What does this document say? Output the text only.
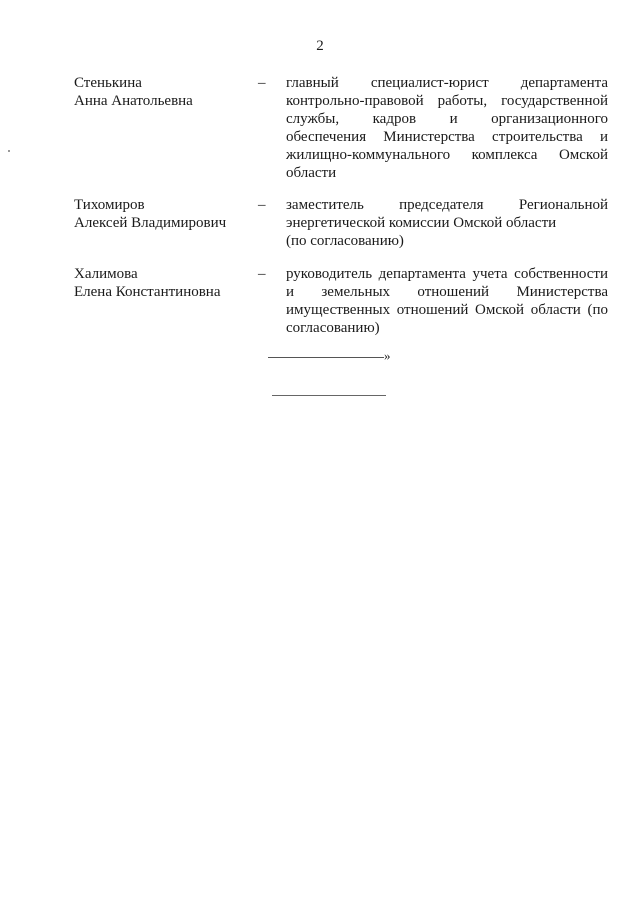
2
Стенькина
Анна Анатольевна
– главный специалист-юрист департамента
контрольно-правовой работы, государственной
службы, кадров и организационного
обеспечения Министерства строительства и
жилищно-коммунального комплекса Омской
области
Тихомиров
Алексей Владимирович
– заместитель председателя Региональной
энергетической комиссии Омской области
(по согласованию)
Халимова
Елена Константиновна
– руководитель департамента учета собственности
и земельных отношений Министерства
имущественных отношений Омской области (по
согласованию)
»
